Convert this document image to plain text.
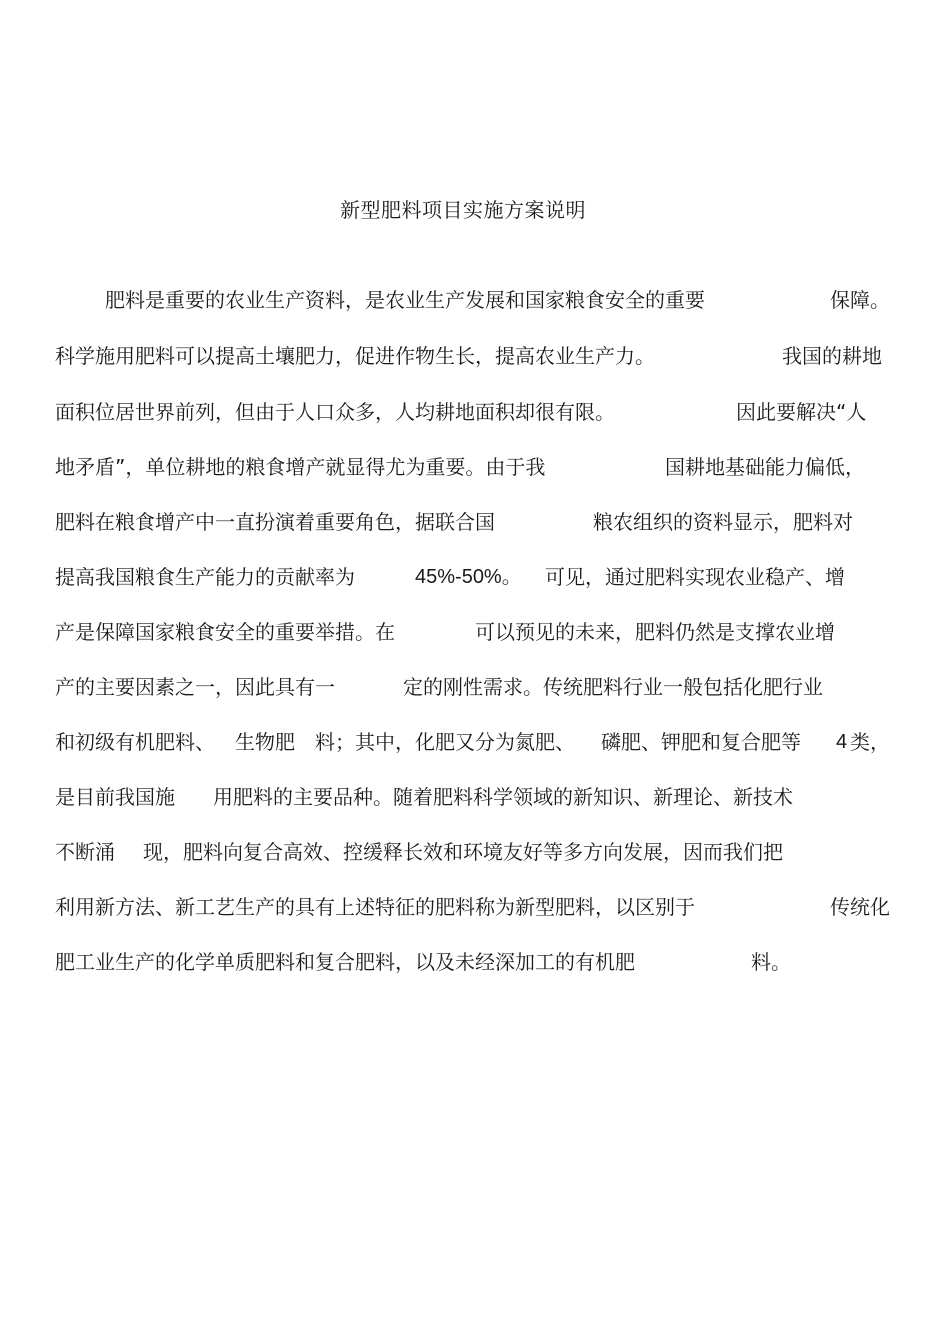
新型肥料项目实施方案说明
肥料是重要的农业生产资料，是农业生产发展和国家粮食安全的重要	保障。
科学施用肥料可以提高土壤肥力，促进作物生长，提高农业生产力。	我国的耕地
面积位居世界前列，但由于人口众多，人均耕地面积却很有限。	因此要解决“人
地矛盾”，单位耕地的粮食增产就显得尤为重要。由于我	国耕地基础能力偏低，
肥料在粮食增产中一直扮演着重要角色，据联合国	粮农组织的资料显示，肥料对
提高我国粮食生产能力的贡献率为	45%-50%。 可见，通过肥料实现农业稳产、增
产是保障国家粮食安全的重要举措。在	可以预见的未来，肥料仍然是支撑农业增
产的主要因素之一，因此具有一	定的刚性需求。传统肥料行业一般包括化肥行业
和初级有机肥料、 生物肥 料；其中，化肥又分为氮肥、 磷肥、钾肥和复合肥等 4 类，
是目前我国施 用肥料的主要品种。随着肥料科学领域的新知识、新理论、新技术
不断涌 现，肥料向复合高效、控缓释长效和环境友好等多方向发展，因而我们把
利用新方法、新工艺生产的具有上述特征的肥料称为新型肥料，以区别于	传统化
肥工业生产的化学单质肥料和复合肥料，以及未经深加工的有机肥	料。
